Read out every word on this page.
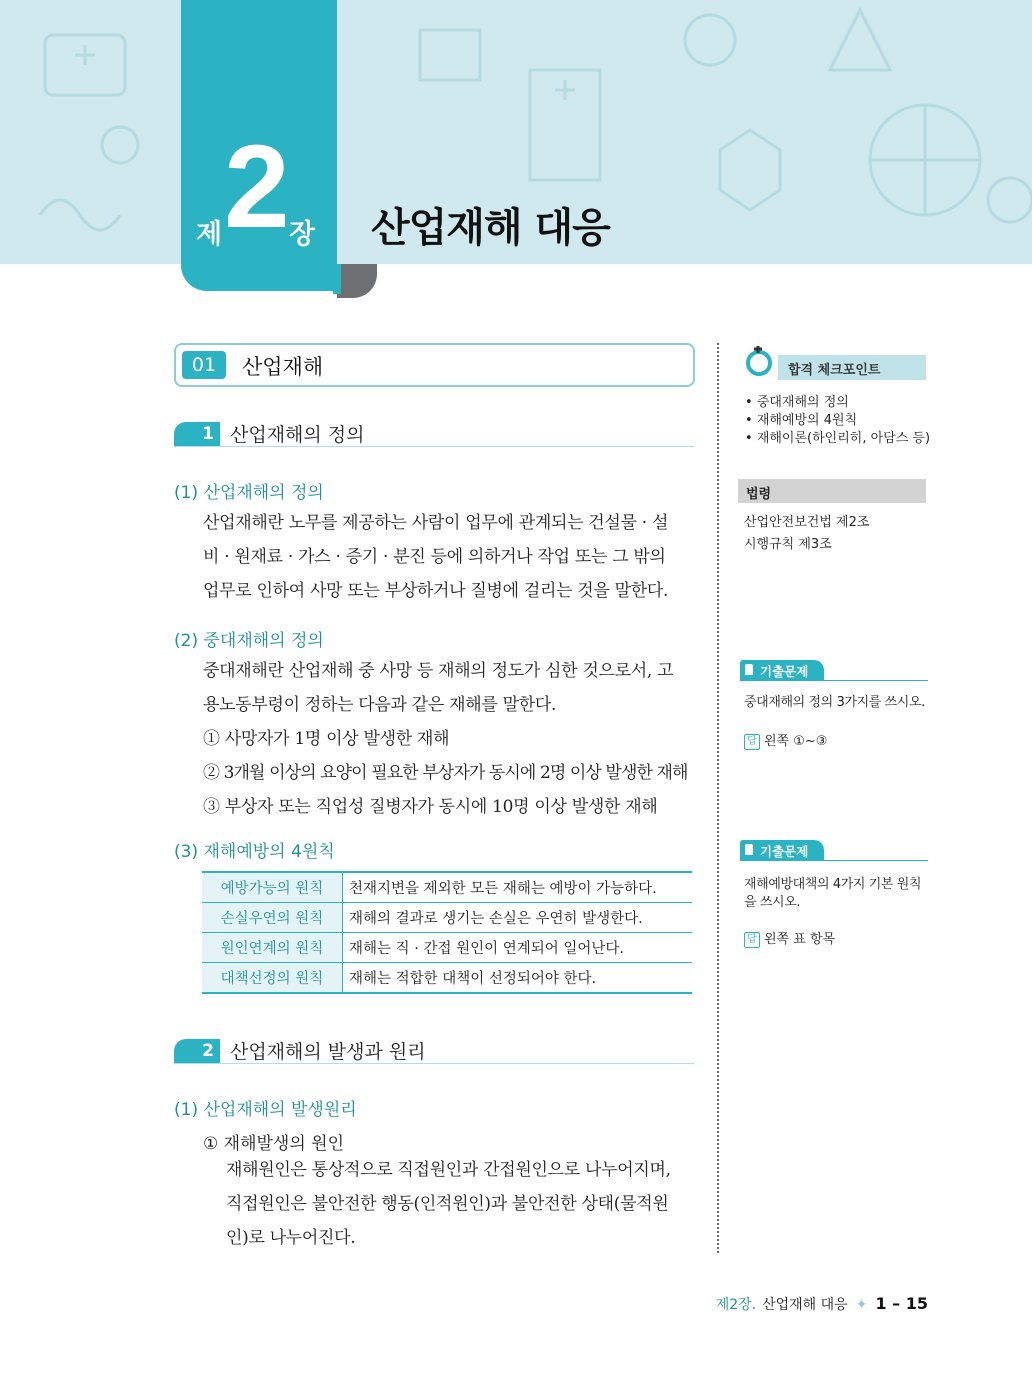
제 2 장 산업재해 대응
01	산업재해
1 산업재해의 정의
(1) 산업재해의 정의
산업재해란 노무를 제공하는 사람이 업무에 관계되는 건설물 · 설
비 · 원재료 · 가스 · 증기 · 분진 등에 의하거나 작업 또는 그 밖의
업무로 인하여 사망 또는 부상하거나 질병에 걸리는 것을 말한다.
(2) 중대재해의 정의
중대재해란 산업재해 중 사망 등 재해의 정도가 심한 것으로서, 고
용노동부령이 정하는 다음과 같은 재해를 말한다.
① 사망자가 1명 이상 발생한 재해
② 3개월 이상의 요양이 필요한 부상자가 동시에 2명 이상 발생한 재해
③ 부상자 또는 직업성 질병자가 동시에 10명 이상 발생한 재해
(3) 재해예방의 4원칙
예방가능의 원칙	천재지변을 제외한 모든 재해는 예방이 가능하다.
손실우연의 원칙	재해의 결과로 생기는 손실은 우연히 발생한다.
원인연계의 원칙	재해는 직 · 간접 원인이 연계되어 일어난다.
대책선정의 원칙	재해는 적합한 대책이 선정되어야 한다.
2 산업재해의 발생과 원리
(1) 산업재해의 발생원리
① 재해발생의 원인
재해원인은 통상적으로 직접원인과 간접원인으로 나누어지며,
직접원인은 불안전한 행동(인적원인)과 불안전한 상태(물적원
인)로 나누어진다.
합격 체크포인트
• 중대재해의 정의
• 재해예방의 4원칙
• 재해이론(하인리히, 아담스 등)
법령
산업안전보건법 제2조
시행규칙 제3조
기출문제
중대재해의 정의 3가지를 쓰시오.
답 왼쪽 ①~③
기출문제
재해예방대책의 4가지 기본 원칙을 쓰시오.
답 왼쪽 표 항목
제2장. 산업재해 대응 ✦ 1 – 15
